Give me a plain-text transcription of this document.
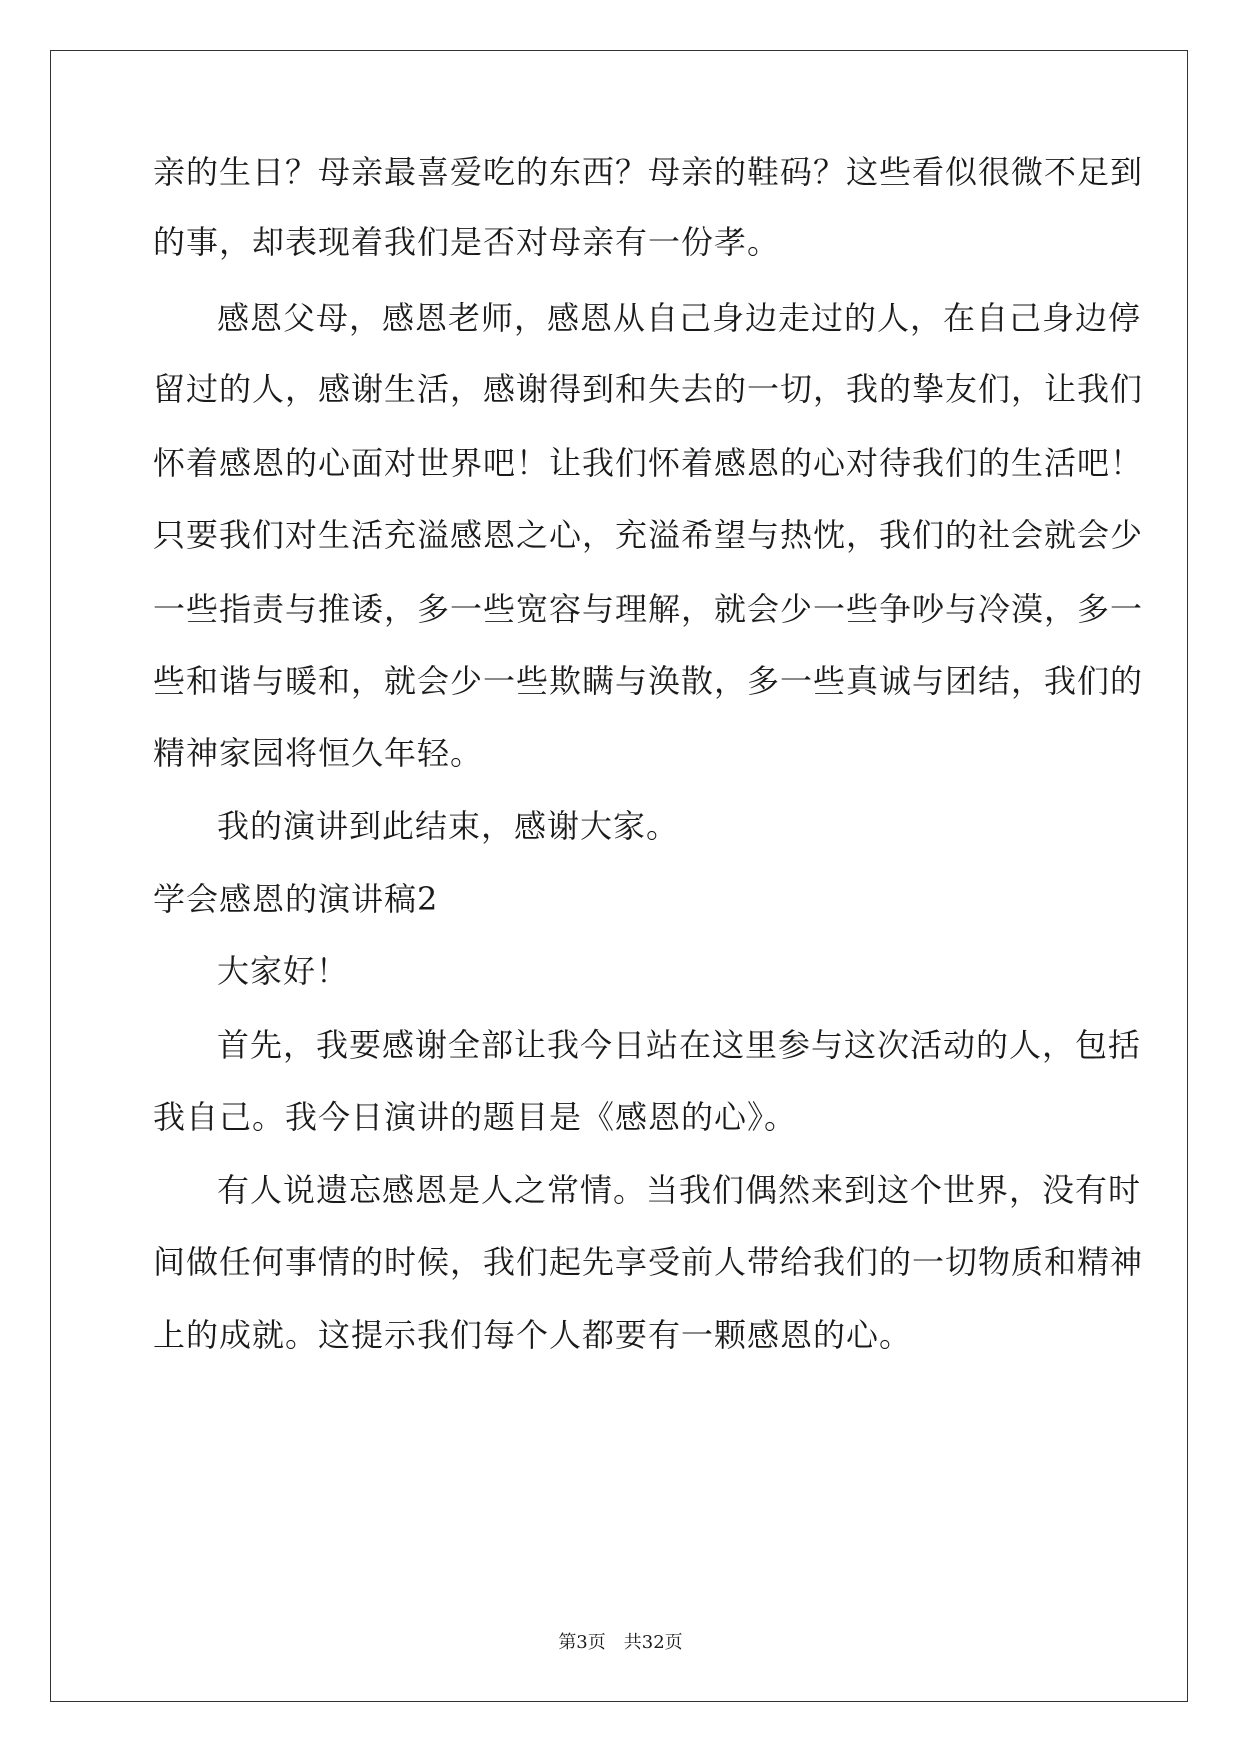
亲的生日？母亲最喜爱吃的东西？母亲的鞋码？这些看似很微不足到
的事，却表现着我们是否对母亲有一份孝。
感恩父母，感恩老师，感恩从自己身边走过的人，在自己身边停
留过的人，感谢生活，感谢得到和失去的一切，我的挚友们，让我们
怀着感恩的心面对世界吧！让我们怀着感恩的心对待我们的生活吧！
只要我们对生活充溢感恩之心，充溢希望与热忱，我们的社会就会少
一些指责与推诿，多一些宽容与理解，就会少一些争吵与冷漠，多一
些和谐与暖和，就会少一些欺瞒与涣散，多一些真诚与团结，我们的
精神家园将恒久年轻。
我的演讲到此结束，感谢大家。
学会感恩的演讲稿2
大家好！
首先，我要感谢全部让我今日站在这里参与这次活动的人，包括
我自己。我今日演讲的题目是《感恩的心》。
有人说遗忘感恩是人之常情。当我们偶然来到这个世界，没有时
间做任何事情的时候，我们起先享受前人带给我们的一切物质和精神
上的成就。这提示我们每个人都要有一颗感恩的心。
第3页 共32页
